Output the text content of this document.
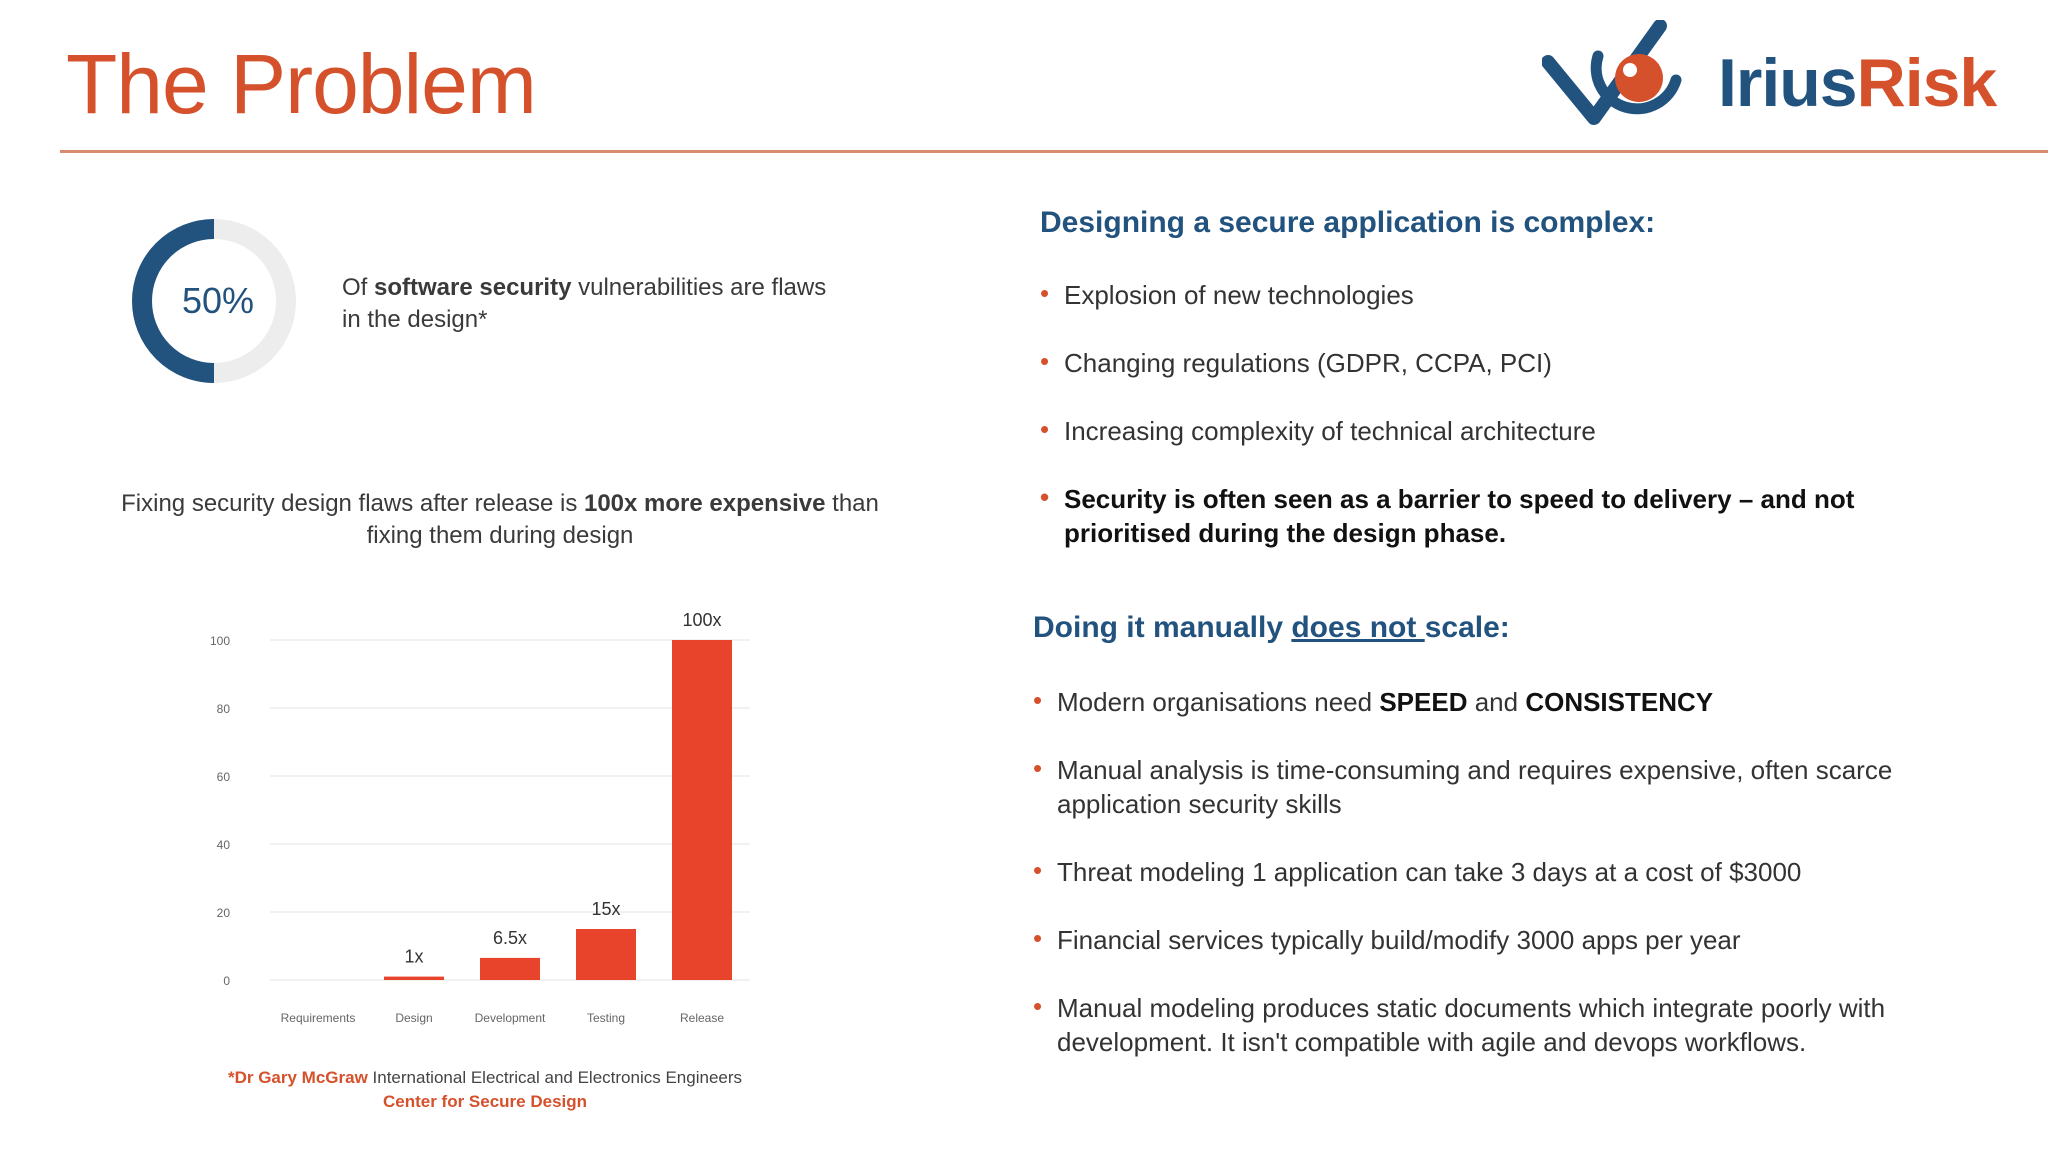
The Problem	IriusRisk
50%	Of software security vulnerabilities are flaws in the design*
Fixing security design flaws after release is 100x more expensive than fixing them during design
0
20
40
60
80
100
1x
6.5x
15x
100x
Requirements	Design	Development	Testing	Release
*Dr Gary McGraw International Electrical and Electronics Engineers
Center for Secure Design
Designing a secure application is complex:
• Explosion of new technologies
• Changing regulations (GDPR, CCPA, PCI)
• Increasing complexity of technical architecture
• Security is often seen as a barrier to speed to delivery – and not prioritised during the design phase.
Doing it manually does not scale:
• Modern organisations need SPEED and CONSISTENCY
• Manual analysis is time-consuming and requires expensive, often scarce application security skills
• Threat modeling 1 application can take 3 days at a cost of $3000
• Financial services typically build/modify 3000 apps per year
• Manual modeling produces static documents which integrate poorly with development. It isn't compatible with agile and devops workflows.
